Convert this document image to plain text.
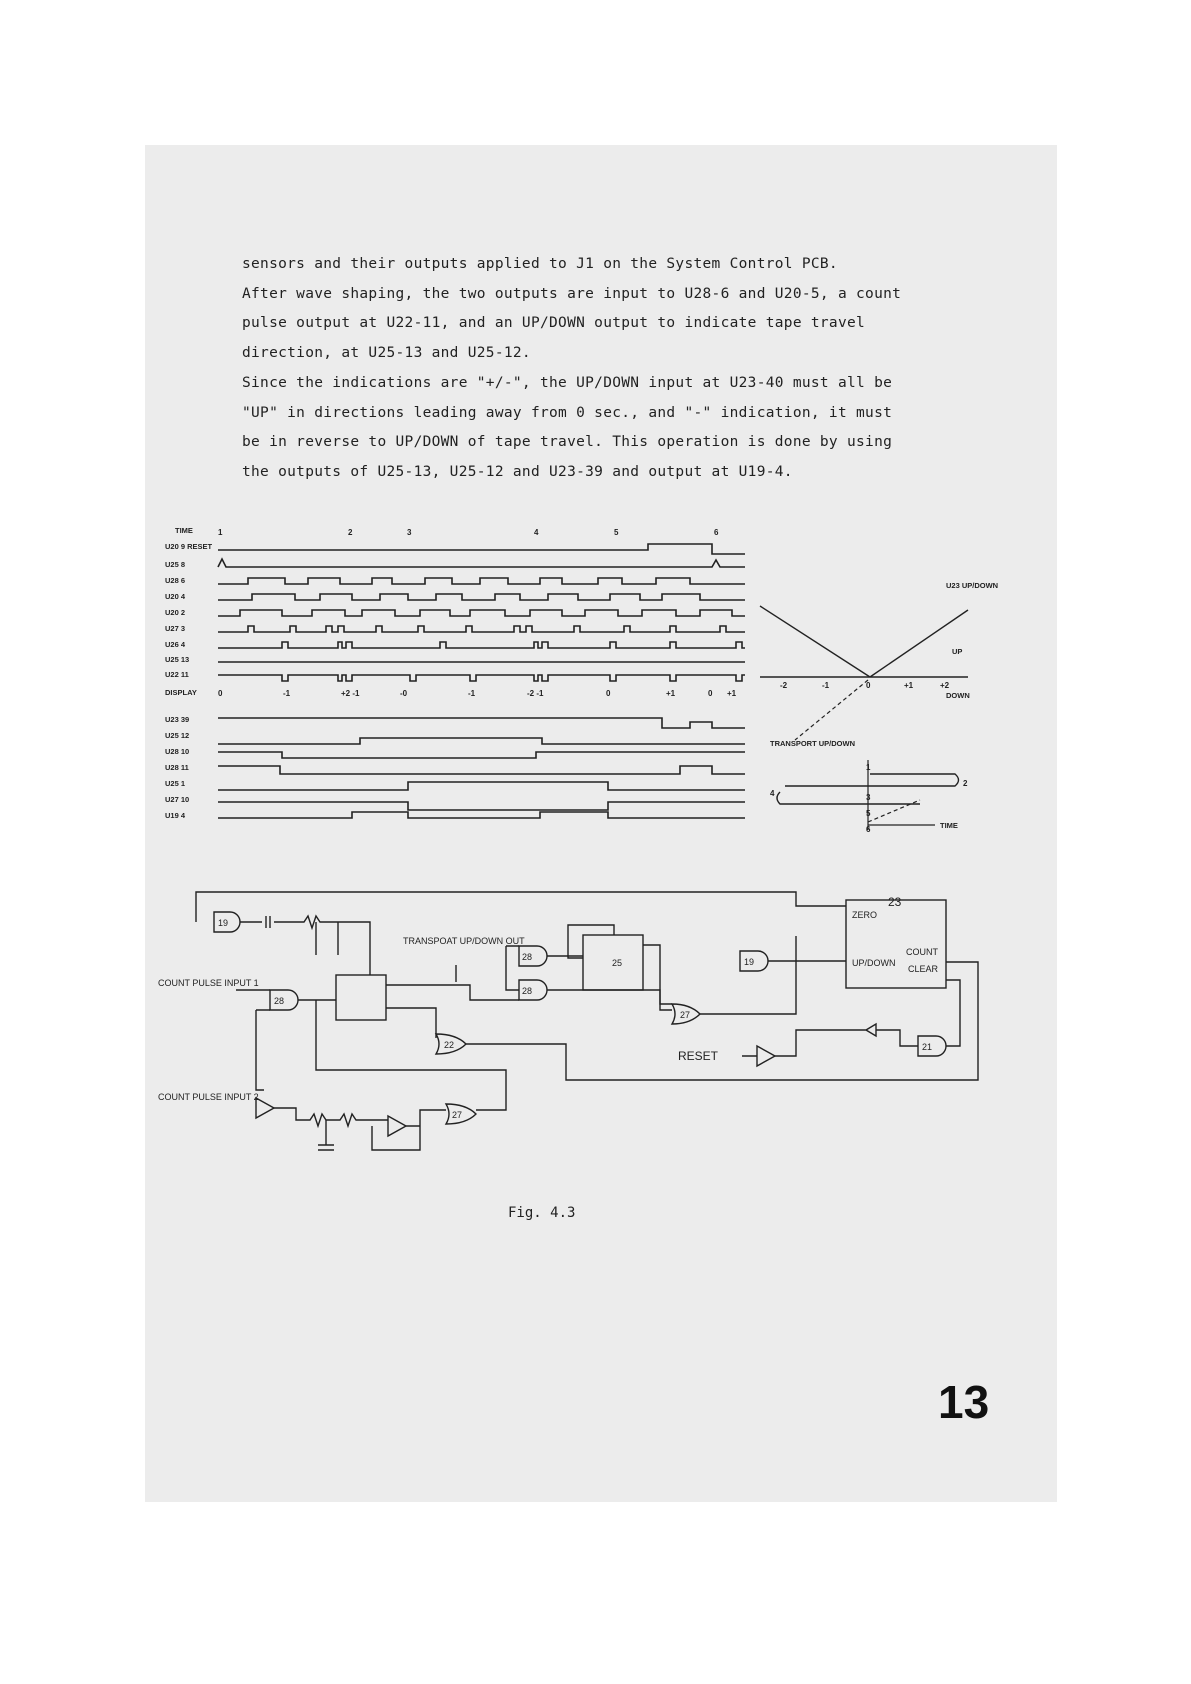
sensors and their outputs applied to J1 on the System Control PCB.

After wave shaping, the two outputs are input to U28-6 and U20-5, a count

pulse output at U22-11, and an UP/DOWN output to indicate tape travel

direction, at U25-13 and U25-12.

Since the indications are "+/-", the UP/DOWN input at U23-40 must all be

"UP" in directions leading away from 0 sec., and "-" indication, it must

be in reverse to UP/DOWN of tape travel. This operation is done by using

the outputs of U25-13, U25-12 and U23-39 and output at U19-4.

TIME	1	2	3	4	5	6
U20 9 RESET
U25 8
U28 6
U20 4
U20 2
U27 3
U26 4
U25 13
U22 11
DISPLAY	0	-1	+2 -1	-0	-1	-2 -1	0	+1	0 +1
U23 39
U25 12
U28 10
U28 11
U25 1
U27 10
U19 4
U23 UP/DOWN
UP
DOWN
-2	-1	0	+1	+2
TRANSPORT UP/DOWN
TIME
1
2
3
4
5
6
COUNT PULSE INPUT 1
COUNT PULSE INPUT 2
TRANSPOAT UP/DOWN OUT
RESET
19
28
25
28
28
27
22	21
27
19
ZERO
UP/DOWN
COUNT
CLEAR
23
Fig. 4.3
13
